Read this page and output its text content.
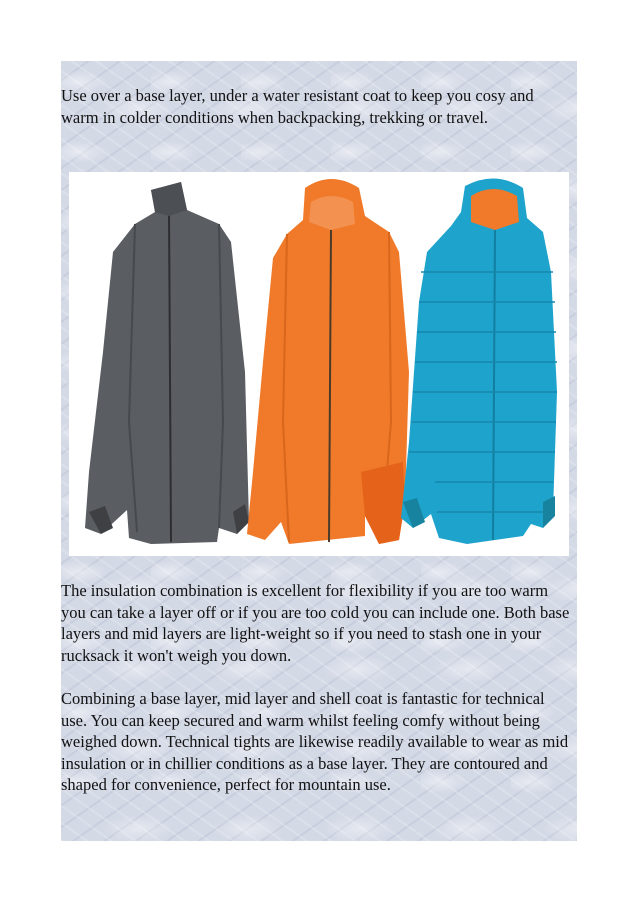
Use over a base layer, under a water resistant coat to keep you cosy and warm in colder conditions when backpacking, trekking or travel.

The insulation combination is excellent for flexibility if you are too warm you can take a layer off or if you are too cold you can include one. Both base layers and mid layers are light-weight so if you need to stash one in your rucksack it won't weigh you down.

Combining a base layer, mid layer and shell coat is fantastic for technical use. You can keep secured and warm whilst feeling comfy without being weighed down. Technical tights are likewise readily available to wear as mid insulation or in chillier conditions as a base layer. They are contoured and shaped for convenience, perfect for mountain use.
